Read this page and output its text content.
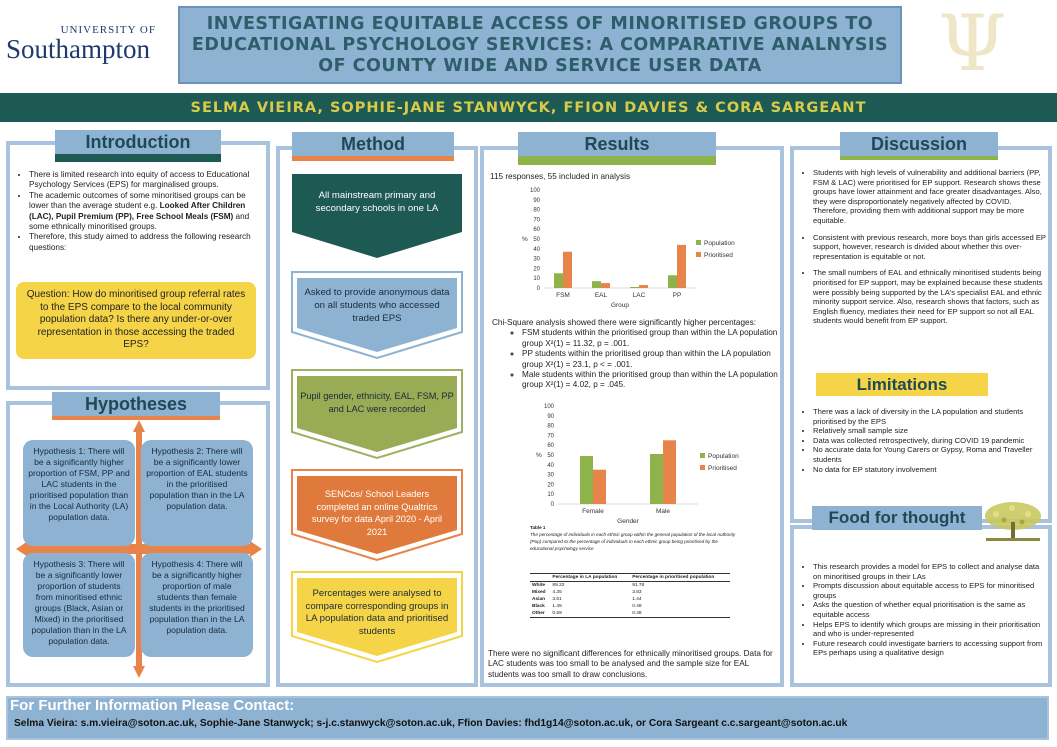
UNIVERSITY OF
Southampton
INVESTIGATING EQUITABLE ACCESS OF MINORITISED GROUPS TO EDUCATIONAL PSYCHOLOGY SERVICES: A COMPARATIVE ANALNYSIS OF COUNTY WIDE AND SERVICE USER DATA	Ψ
SELMA VIEIRA, SOPHIE-JANE STANWYCK, FFION DAVIES & CORA SARGEANT
Introduction
• There is limited research into equity of access to Educational Psychology Services (EPS) for marginalised groups.
• The academic outcomes of some minoritised groups can be lower than the average student e.g. Looked After Children (LAC), Pupil Premium (PP), Free School Meals (FSM) and some ethnically minoritised groups.
• Therefore, this study aimed to address the following research questions:
Question: How do minoritised group referral rates to the EPS compare to the local community population data? Is there any under-or-over representation in those accessing the traded EPS?
Hypotheses
Hypothesis 1: There will be a significantly higher proportion of FSM, PP and LAC students in the prioritised population than in the Local Authority (LA) population data.
Hypothesis 2: There will be a significantly lower proportion of EAL students in the prioritised population than in the LA population data.
Hypothesis 3: There will be a significantly lower proportion of students from minoritised ethnic groups (Black, Asian or Mixed) in the prioritised population than in the LA population data.
Hypothesis 4: There will be a significantly higher proportion of male students than female students in the prioritised population than in the LA population data.
Method
All mainstream primary and secondary schools in one LA
Asked to provide anonymous data on all students who accessed traded EPS
Pupil gender, ethnicity, EAL, FSM, PP and LAC were recorded
SENCos/ School Leaders completed an online Qualtrics survey for data April 2020 - April 2021
Percentages were analysed to compare corresponding groups in LA population data and prioritised students
Results
115 responses, 55 included in analysis
0
10
20
30
40
50
60
70
80
90
100
%
FSM	EAL	LAC	PP
Group
Population
Prioritised
Chi-Square analysis showed there were significantly higher percentages:
◦ FSM students within the prioritised group than within the LA population group X²(1) = 11.32, p = .001.
◦ PP students within the prioritised group than within the LA population group X²(1) = 23.1, p < = .001.
◦ Male students within the prioritised group than within the LA population group X²(1) = 4.02, p = .045.
0
10
20
30
40
50
60
70
80
90
100
%
Female	Male
Gender
Population
Prioritised
Table 1
The percentage of individuals in each ethnic group within the general population of the local Authority (Pop) compared to the percentage of individuals in each ethnic group being prioritised by the educational psychology service
	Percentage in LA population	Percentage in prioritised population
White	89.22	91.78
Mixed	4.35	3.83
Asian	3.61	1.44
Black	1.45	0.48
Other	0.59	0.48
There were no significant differences for ethnically minoritised groups. Data for LAC students was too small to be analysed and the sample size for EAL students was too small to draw conclusions.
Discussion
• Students with high levels of vulnerability and additional barriers (PP, FSM & LAC) were prioritised for EP support. Research shows these groups have lower attainment and face greater disadvantages. Also, they were disproportionately negatively affected by COVID. Therefore, providing them with additional support may be more equitable.
• Consistent with previous research, more boys than girls accessed EP support, however, research is divided about whether this over-representation is equitable or not.
• The small numbers of EAL and ethnically minoritised students being prioritised for EP support, may be explained because these students were possibly being supported by the LA's specialist EAL and ethnic minority support service. Also, research shows that factors, such as English fluency, mediates their need for EP support so not all EAL students would benefit from EP support.
Limitations
• There was a lack of diversity in the LA population and students prioritised by the EPS
• Relatively small sample size
• Data was collected retrospectively, during COVID 19 pandemic
• No accurate data for Young Carers or Gypsy, Roma and Traveller students
• No data for EP statutory involvement
Food for thought
• This research provides a model for EPS to collect and analyse data on minoritised groups in their LAs
• Prompts discussion about equitable access to EPS for minoritised groups
• Asks the question of whether equal prioritisation is the same as equitable access
• Helps EPS to identify which groups are missing in their prioritisation and who is under-represented
• Future research could investigate barriers to accessing support from EPs perhaps using a qualitative design
For Further Information Please Contact:
Selma Vieira: s.m.vieira@soton.ac.uk, Sophie-Jane Stanwyck; s-j.c.stanwyck@soton.ac.uk, Ffion Davies: fhd1g14@soton.ac.uk, or Cora Sargeant c.c.sargeant@soton.ac.uk
